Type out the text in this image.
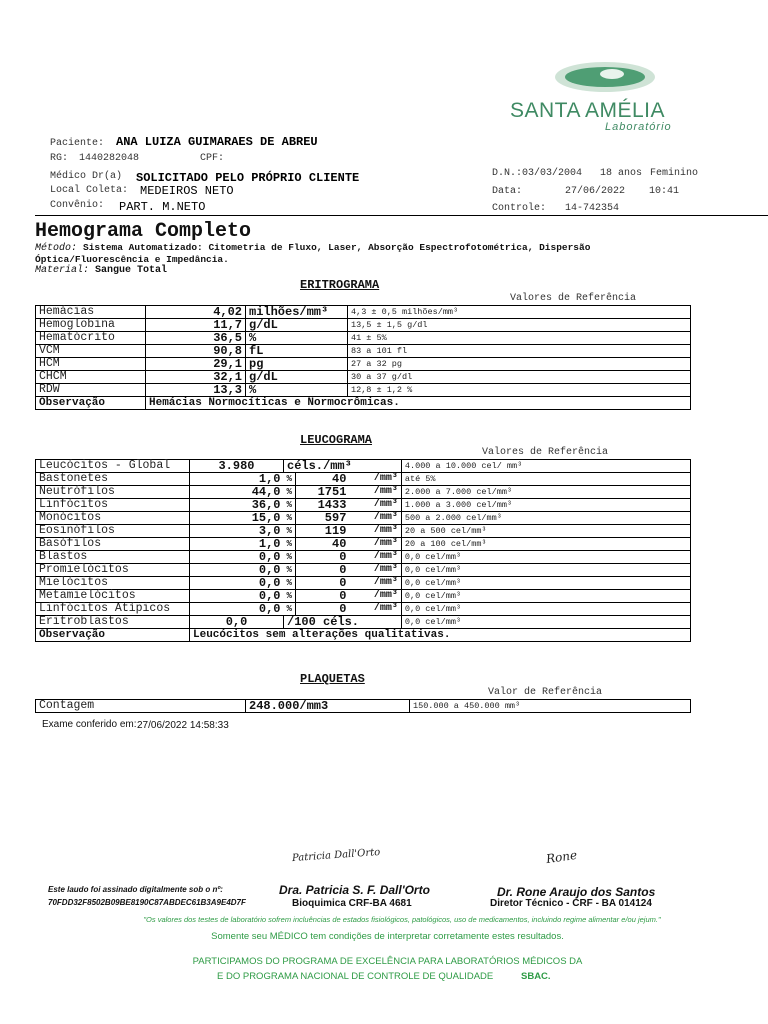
SANTA AMÉLIA
Laboratório
Paciente: ANA LUIZA GUIMARAES DE ABREU
RG: 1440282048	CPF:
Médico Dr(a) SOLICITADO PELO PRÓPRIO CLIENTE
Local Coleta: MEDEIROS NETO
Convênio: PART. M.NETO
D.N.: 03/03/2004 18 anos Feminino
Data:	27/06/2022 10:41
Controle: 14-742354
Hemograma Completo
Método: Sistema Automatizado: Citometria de Fluxo, Laser, Absorção Espectrofotométrica, Dispersão
Óptica/Fluorescência e Impedância.
Material: Sangue Total
ERITROGRAMA
Valores de Referência
Hemácias	4,02	milhões/mm³	4,3 ± 0,5 milhões/mm³
Hemoglobina	11,7	g/dL	13,5 ± 1,5 g/dl
Hematócrito	36,5	%	41 ± 5%
VCM	90,8	fL	83 a 101 fl
HCM	29,1	pg	27 a 32 pg
CHCM	32,1	g/dL	30 a 37 g/dl
RDW	13,3	%	12,8 ± 1,2 %
Observação	Hemácias Normocíticas e Normocrômicas.		
LEUCOGRAMA
Valores de Referência
Leucócitos - Global	3.980	céls./mm³			4.000 a 10.000 cel/ mm³
Bastonetes	1,0	%	40	/mm³	até 5%
Neutrófilos	44,0	%	1751	/mm³	2.000 a 7.000 cel/mm³
Linfócitos	36,0	%	1433	/mm³	1.000 a 3.000 cel/mm³
Monócitos	15,0	%	597	/mm³	500 a 2.000 cel/mm³
Eosinófilos	3,0	%	119	/mm³	20 a 500 cel/mm³
Basófilos	1,0	%	40	/mm³	20 a 100 cel/mm³
Blastos	0,0	%	0	/mm³	0,0 cel/mm³
Promielócitos	0,0	%	0	/mm³	0,0 cel/mm³
Mielócitos	0,0	%	0	/mm³	0,0 cel/mm³
Metamielócitos	0,0	%	0	/mm³	0,0 cel/mm³
Linfócitos Atípicos	0,0	%	0	/mm³	0,0 cel/mm³
Eritroblastos	0,0	/100 céls.			0,0 cel/mm³
Observação	Leucócitos sem alterações qualitativas.				
PLAQUETAS
Valor de Referência
Contagem	248.000/mm3	150.000 a 450.000 mm³
Exame conferido em: 27/06/2022 14:58:33
Este laudo foi assinado digitalmente sob o nº:
70FDD32F8502B09BE8190C87ABDEC61B3A9E4D7F
Patricia Dall'Orto
Dra. Patricia S. F. Dall'Orto
Bioquimica CRF-BA 4681
Rone
Dr. Rone Araujo dos Santos
Diretor Técnico - CRF - BA 014124
"Os valores dos testes de laboratório sofrem incluências de estados fisiológicos, patológicos, uso de medicamentos, incluindo regime alimentar e/ou jejum."
Somente seu MÉDICO tem condições de interpretar corretamente estes resultados.
PARTICIPAMOS DO PROGRAMA DE EXCELÊNCIA PARA LABORATÓRIOS MÉDICOS DA
E DO PROGRAMA NACIONAL DE CONTROLE DE QUALIDADE	SBAC.
